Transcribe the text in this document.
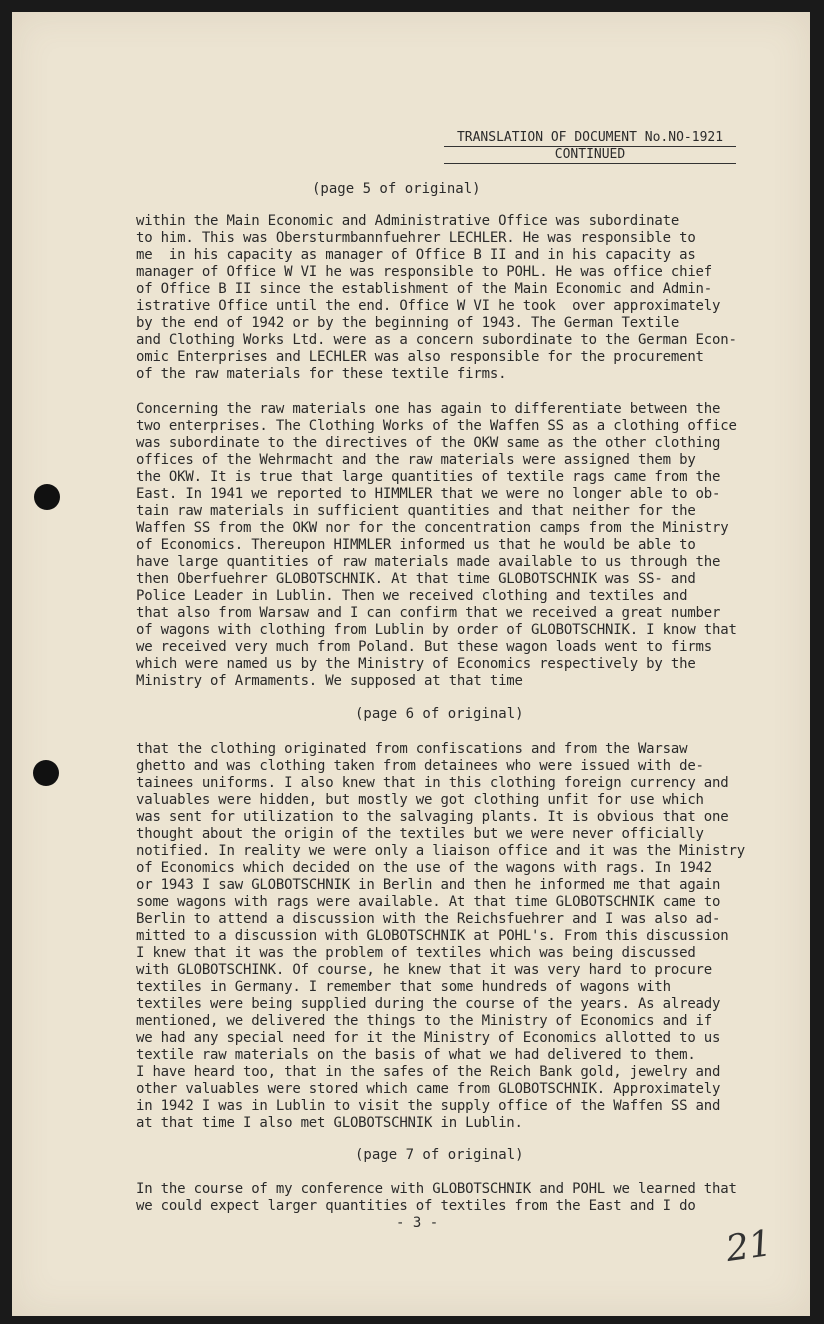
TRANSLATION OF DOCUMENT No.NO-1921
CONTINUED
(page 5 of original)
within the Main Economic and Administrative Office was subordinate
to him. This was Obersturmbannfuehrer LECHLER. He was responsible to
me  in his capacity as manager of Office B II and in his capacity as
manager of Office W VI he was responsible to POHL. He was office chief
of Office B II since the establishment of the Main Economic and Admin-
istrative Office until the end. Office W VI he took  over approximately
by the end of 1942 or by the beginning of 1943. The German Textile
and Clothing Works Ltd. were as a concern subordinate to the German Econ-
omic Enterprises and LECHLER was also responsible for the procurement
of the raw materials for these textile firms.
Concerning the raw materials one has again to differentiate between the
two enterprises. The Clothing Works of the Waffen SS as a clothing office
was subordinate to the directives of the OKW same as the other clothing
offices of the Wehrmacht and the raw materials were assigned them by
the OKW. It is true that large quantities of textile rags came from the
East. In 1941 we reported to HIMMLER that we were no longer able to ob-
tain raw materials in sufficient quantities and that neither for the
Waffen SS from the OKW nor for the concentration camps from the Ministry
of Economics. Thereupon HIMMLER informed us that he would be able to
have large quantities of raw materials made available to us through the
then Oberfuehrer GLOBOTSCHNIK. At that time GLOBOTSCHNIK was SS- and
Police Leader in Lublin. Then we received clothing and textiles and
that also from Warsaw and I can confirm that we received a great number
of wagons with clothing from Lublin by order of GLOBOTSCHNIK. I know that
we received very much from Poland. But these wagon loads went to firms
which were named us by the Ministry of Economics respectively by the
Ministry of Armaments. We supposed at that time
(page 6 of original)
that the clothing originated from confiscations and from the Warsaw
ghetto and was clothing taken from detainees who were issued with de-
tainees uniforms. I also knew that in this clothing foreign currency and
valuables were hidden, but mostly we got clothing unfit for use which
was sent for utilization to the salvaging plants. It is obvious that one
thought about the origin of the textiles but we were never officially
notified. In reality we were only a liaison office and it was the Ministry
of Economics which decided on the use of the wagons with rags. In 1942
or 1943 I saw GLOBOTSCHNIK in Berlin and then he informed me that again
some wagons with rags were available. At that time GLOBOTSCHNIK came to
Berlin to attend a discussion with the Reichsfuehrer and I was also ad-
mitted to a discussion with GLOBOTSCHNIK at POHL's. From this discussion
I knew that it was the problem of textiles which was being discussed
with GLOBOTSCHINK. Of course, he knew that it was very hard to procure
textiles in Germany. I remember that some hundreds of wagons with
textiles were being supplied during the course of the years. As already
mentioned, we delivered the things to the Ministry of Economics and if
we had any special need for it the Ministry of Economics allotted to us
textile raw materials on the basis of what we had delivered to them.
I have heard too, that in the safes of the Reich Bank gold, jewelry and
other valuables were stored which came from GLOBOTSCHNIK. Approximately
in 1942 I was in Lublin to visit the supply office of the Waffen SS and
at that time I also met GLOBOTSCHNIK in Lublin.
(page 7 of original)
In the course of my conference with GLOBOTSCHNIK and POHL we learned that
we could expect larger quantities of textiles from the East and I do
- 3 -
21
